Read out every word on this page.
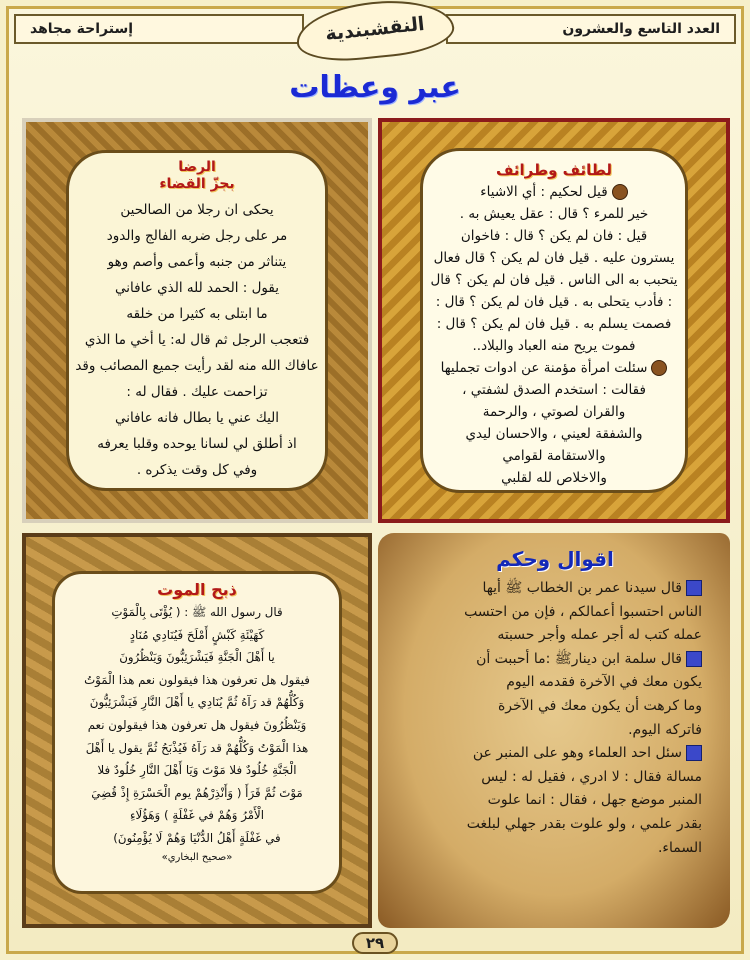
العدد التاسع والعشرون
إستراحة مجاهد	النقشبندية
عبر وعظات
الرضا
بجزّ القضاء
يحكى ان رجلا من الصالحين
مر على رجل ضربه الفالج والدود
يتناثر من جنبه وأعمى وأصم وهو
يقول : الحمد لله الذي عافاني
ما ابتلى به كثيرا من خلقه
فتعجب الرجل ثم قال له: يا أخي ما الذي
عافاك الله منه لقد رأيت جميع المصائب وقد
تزاحمت عليك . فقال له :
اليك عني يا بطال فانه عافاني
اذ أطلق لي لسانا يوحده وقلبا يعرفه
وفي كل وقت يذكره .
لطائف وطرائف
قيل لحكيم : أي الاشياء
خير للمرء ؟ قال : عقل يعيش به .
قيل : فان لم يكن ؟ قال : فاخوان
يسترون عليه . قيل فان لم يكن ؟ قال فعال
يتحبب به الى الناس . قيل فان لم يكن ؟ قال
: فأدب يتحلى به . قيل فان لم يكن ؟ قال :
فصمت يسلم به . قيل فان لم يكن ؟ قال :
فموت يريح منه العباد والبلاد..
سئلت امرأة مؤمنة عن ادوات تجمليها
فقالت : استخدم الصدق لشفتي ،
والقران لصوتي ، والرحمة
والشفقة لعيني ، والاحسان ليدي
والاستقامة لقوامي
والاخلاص لله لقلبي
ذبح الموت
قال رسول الله ﷺ : ( يُؤْتَى بِالْمَوْتِ
كَهَيْئَةِ كَبْشٍ أَمْلَحَ فَيُنَادِي مُنَادٍ
يا أَهْلَ الْجَنَّةِ فَيَشْرَئِبُّونَ وَيَنْظُرُونَ
فيقول هل تعرفون هذا فيقولون نعم هذا الْمَوْتُ
وَكُلُّهُمْ قد رَآهُ ثُمَّ يُنَادِي يا أَهْلَ النَّارِ فَيَشْرَئِبُّونَ
وَيَنْظُرُونَ فيقول هل تعرفون هذا فيقولون نعم
هذا الْمَوْتُ وَكُلُّهُمْ قد رَآهُ فَيُذْبَحُ ثُمَّ يقول يا أَهْلَ
الْجَنَّةِ خُلُودٌ فلا مَوْتَ وَيَا أَهْلَ النَّارِ خُلُودٌ فلا
مَوْتَ ثُمَّ قَرَأَ ( وَأَنْذِرْهُمْ يوم الْحَسْرَةِ إِذْ قُضِيَ
الْأَمْرُ وَهُمْ في غَفْلَةٍ ) وَهَؤُلَاءِ
في غَفْلَةٍ أَهْلُ الدُّنْيَا وَهُمْ لَا يُؤْمِنُونَ)
«صحيح البخاري»
اقوال وحكم
قال سيدنا عمر بن الخطاب ﷺ أيها
الناس احتسبوا أعمالكم ، فإن من احتسب
عمله كتب له أجر عمله وأجر حسبته
قال سلمة ابن دينارﷺ :ما أحببت أن
يكون معك في الآخرة فقدمه اليوم
وما كرهت أن يكون معك في الآخرة
فاتركه اليوم.
سئل احد العلماء وهو على المنبر عن
مسالة فقال : لا ادري ، فقيل له : ليس
المنبر موضع جهل ، فقال : انما علوت
بقدر علمي ، ولو علوت بقدر جهلي لبلغت
السماء.
٢٩
